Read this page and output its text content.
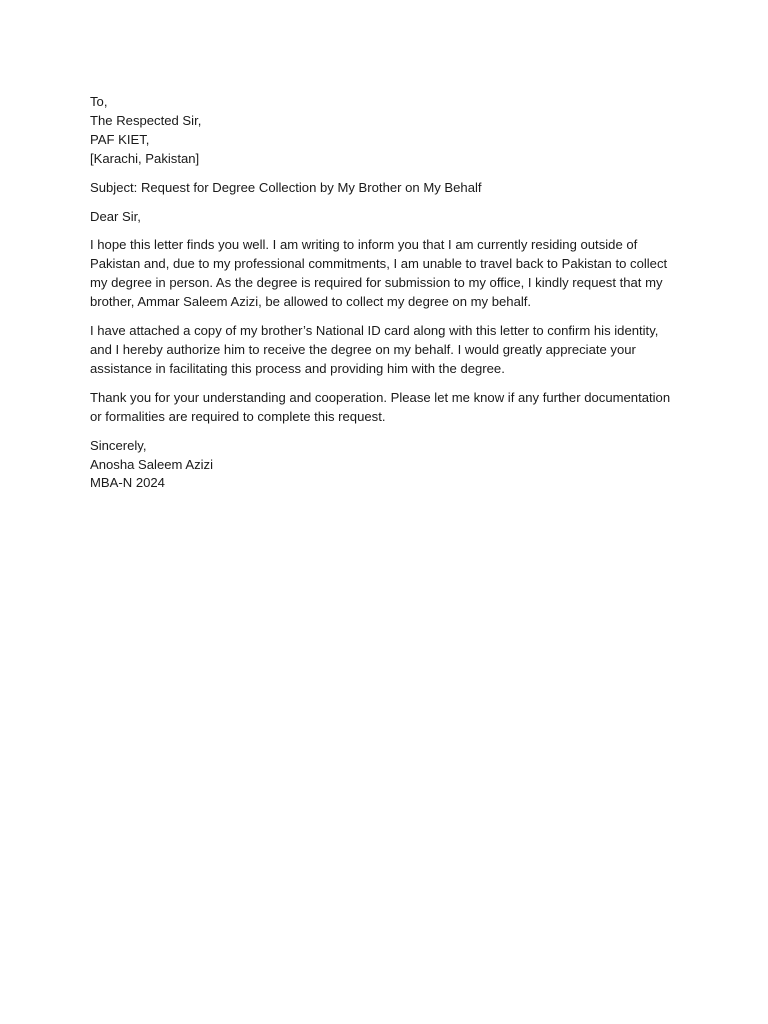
To,
The Respected Sir,
PAF KIET,
[Karachi, Pakistan]

Subject: Request for Degree Collection by My Brother on My Behalf

Dear Sir,

I hope this letter finds you well. I am writing to inform you that I am currently residing outside of Pakistan and, due to my professional commitments, I am unable to travel back to Pakistan to collect my degree in person. As the degree is required for submission to my office, I kindly request that my brother, Ammar Saleem Azizi, be allowed to collect my degree on my behalf.

I have attached a copy of my brother’s National ID card along with this letter to confirm his identity, and I hereby authorize him to receive the degree on my behalf. I would greatly appreciate your assistance in facilitating this process and providing him with the degree.

Thank you for your understanding and cooperation. Please let me know if any further documentation or formalities are required to complete this request.

Sincerely,
Anosha Saleem Azizi
MBA-N 2024
